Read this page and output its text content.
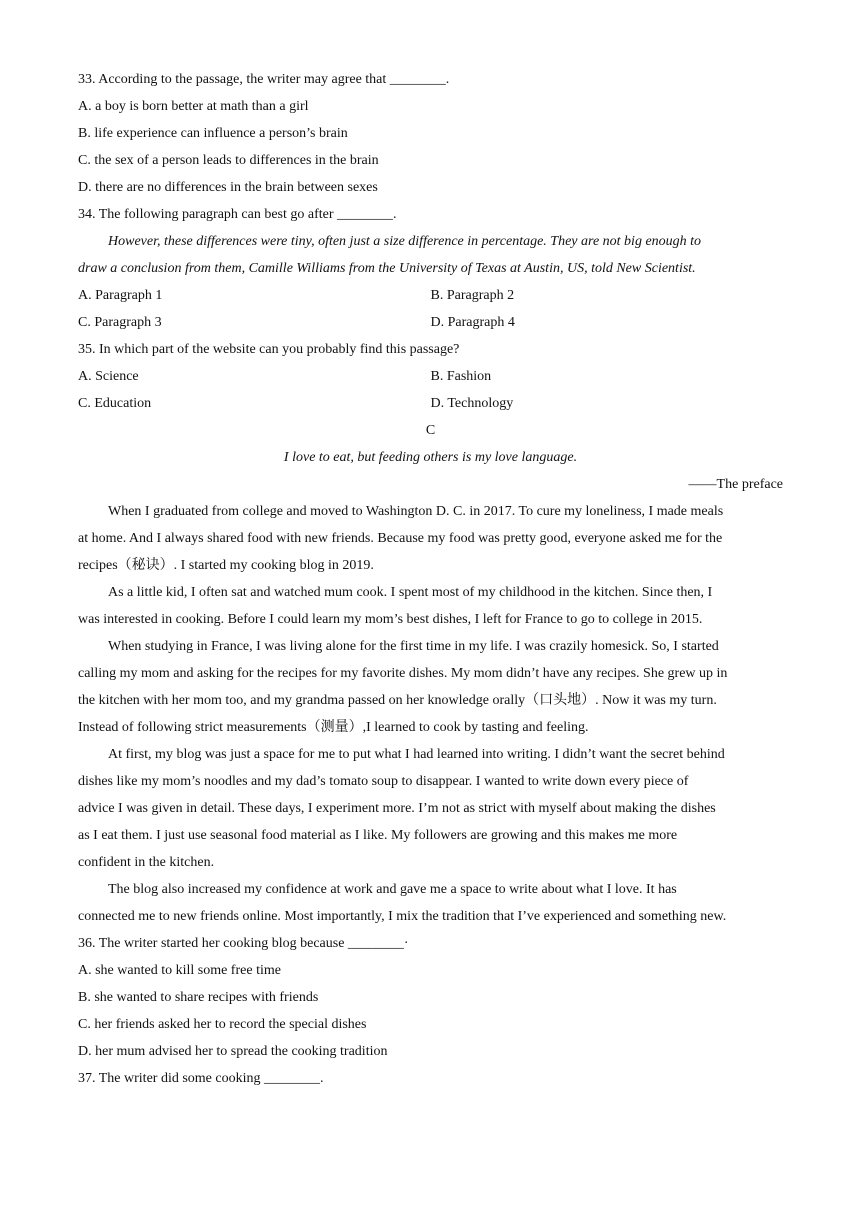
33. According to the passage, the writer may agree that ________.
A. a boy is born better at math than a girl
B. life experience can influence a person’s brain
C. the sex of a person leads to differences in the brain
D. there are no differences in the brain between sexes
34. The following paragraph can best go after ________.
However, these differences were tiny, often just a size difference in percentage. They are not big enough to
draw a conclusion from them, Camille Williams from the University of Texas at Austin, US, told New Scientist.
A. Paragraph 1	B. Paragraph 2
C. Paragraph 3	D. Paragraph 4
35. In which part of the website can you probably find this passage?
A. Science	B. Fashion
C. Education	D. Technology
C
I love to eat, but feeding others is my love language.
——The preface
When I graduated from college and moved to Washington D. C. in 2017. To cure my loneliness, I made meals
at home. And I always shared food with new friends. Because my food was pretty good, everyone asked me for the
recipes（秘诀）. I started my cooking blog in 2019.
As a little kid, I often sat and watched mum cook. I spent most of my childhood in the kitchen. Since then, I
was interested in cooking. Before I could learn my mom’s best dishes, I left for France to go to college in 2015.
When studying in France, I was living alone for the first time in my life. I was crazily homesick. So, I started
calling my mom and asking for the recipes for my favorite dishes. My mom didn’t have any recipes. She grew up in
the kitchen with her mom too, and my grandma passed on her knowledge orally（口头地）. Now it was my turn.
Instead of following strict measurements（测量）,I learned to cook by tasting and feeling.
At first, my blog was just a space for me to put what I had learned into writing. I didn’t want the secret behind
dishes like my mom’s noodles and my dad’s tomato soup to disappear. I wanted to write down every piece of
advice I was given in detail. These days, I experiment more. I’m not as strict with myself about making the dishes
as I eat them. I just use seasonal food material as I like. My followers are growing and this makes me more
confident in the kitchen.
The blog also increased my confidence at work and gave me a space to write about what I love. It has
connected me to new friends online. Most importantly, I mix the tradition that I’ve experienced and something new.
36. The writer started her cooking blog because ________·
A. she wanted to kill some free time
B. she wanted to share recipes with friends
C. her friends asked her to record the special dishes
D. her mum advised her to spread the cooking tradition
37. The writer did some cooking ________.
